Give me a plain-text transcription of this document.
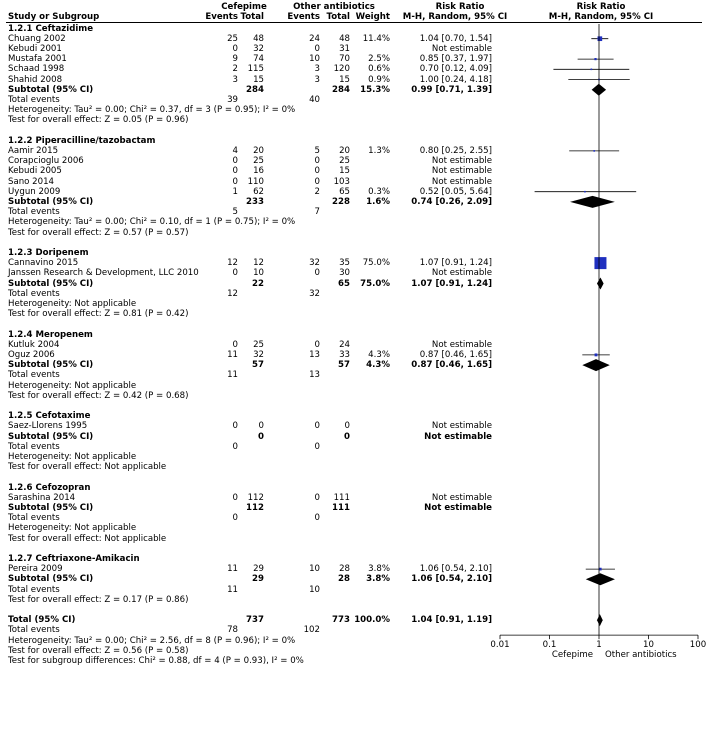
Cefepime	Other antibiotics	Risk Ratio	Risk Ratio
Study or Subgroup	Events Total	Events Total Weight	M-H, Random, 95% CI	M-H, Random, 95% CI
1.2.1 Ceftazidime
Chuang 2002	25	48	24	48	11.4%	1.04 [0.70, 1.54]
Kebudi 2001	0	32	0	31	Not estimable
Mustafa 2001	9	74	10	70	2.5%	0.85 [0.37, 1.97]
Schaad 1998	2	115	3	120	0.6%	0.70 [0.12, 4.09]
Shahid 2008	3	15	3	15	0.9%	1.00 [0.24, 4.18]
Subtotal (95% CI)	284	284	15.3%	0.99 [0.71, 1.39]
Total events	39	40
Heterogeneity: Tau² = 0.00; Chi² = 0.37, df = 3 (P = 0.95); I² = 0%
Test for overall effect: Z = 0.05 (P = 0.96)
1.2.2 Piperacilline/tazobactam
Aamir 2015	4	20	5	20	1.3%	0.80 [0.25, 2.55]
Corapcioglu 2006	0	25	0	25	Not estimable
Kebudi 2005	0	16	0	15	Not estimable
Sano 2014	0	110	0	103	Not estimable
Uygun 2009	1	62	2	65	0.3%	0.52 [0.05, 5.64]
Subtotal (95% CI)	233	228	1.6%	0.74 [0.26, 2.09]
Total events	5	7
Heterogeneity: Tau² = 0.00; Chi² = 0.10, df = 1 (P = 0.75); I² = 0%
Test for overall effect: Z = 0.57 (P = 0.57)
1.2.3 Doripenem
Cannavino 2015	12	12	32	35	75.0%	1.07 [0.91, 1.24]
Janssen Research & Development, LLC 2010	0	10	0	30	Not estimable
Subtotal (95% CI)	22	65	75.0%	1.07 [0.91, 1.24]
Total events	12	32
Heterogeneity: Not applicable
Test for overall effect: Z = 0.81 (P = 0.42)
1.2.4 Meropenem
Kutluk 2004	0	25	0	24	Not estimable
Oguz 2006	11	32	13	33	4.3%	0.87 [0.46, 1.65]
Subtotal (95% CI)	57	57	4.3%	0.87 [0.46, 1.65]
Total events	11	13
Heterogeneity: Not applicable
Test for overall effect: Z = 0.42 (P = 0.68)
1.2.5 Cefotaxime
Saez-Llorens 1995	0	0	0	0	Not estimable
Subtotal (95% CI)	0	0	Not estimable
Total events	0	0
Heterogeneity: Not applicable
Test for overall effect: Not applicable
1.2.6 Cefozopran
Sarashina 2014	0	112	0	111	Not estimable
Subtotal (95% CI)	112	111	Not estimable
Total events	0	0
Heterogeneity: Not applicable
Test for overall effect: Not applicable
1.2.7 Ceftriaxone-Amikacin
Pereira 2009	11	29	10	28	3.8%	1.06 [0.54, 2.10]
Subtotal (95% CI)	29	28	3.8%	1.06 [0.54, 2.10]
Total events	11	10
Test for overall effect: Z = 0.17 (P = 0.86)
Total (95% CI)	737	773 100.0%	1.04 [0.91, 1.19]
Total events	78	102
Heterogeneity: Tau² = 0.00; Chi² = 2.56, df = 8 (P = 0.96); I² = 0%
Test for overall effect: Z = 0.56 (P = 0.58)
Test for subgroup differences: Chi² = 0.88, df = 4 (P = 0.93), I² = 0%
0.01	0.1	1	10	100
Cefepime Other antibiotics
